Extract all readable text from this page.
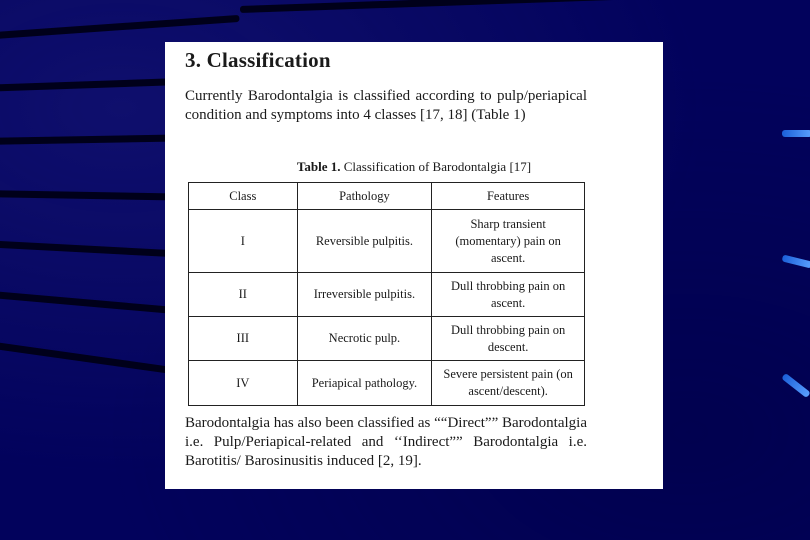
3. Classification
Currently Barodontalgia is classified according to pulp/periapical condition and symptoms into 4 classes [17, 18] (Table 1)
Table 1. Classification of Barodontalgia [17]
Class	Pathology	Features
I	Reversible pulpitis.	Sharp transient (momentary) pain on ascent.
II	Irreversible pulpitis.	Dull throbbing pain on ascent.
III	Necrotic pulp.	Dull throbbing pain on descent.
IV	Periapical pathology.	Severe persistent pain (on ascent/descent).
Barodontalgia has also been classified as ““Direct”” Barodontalgia i.e. Pulp/Periapical-related and ‘‘Indirect”” Barodontalgia i.e. Barotitis/ Barosinusitis induced [2, 19].
